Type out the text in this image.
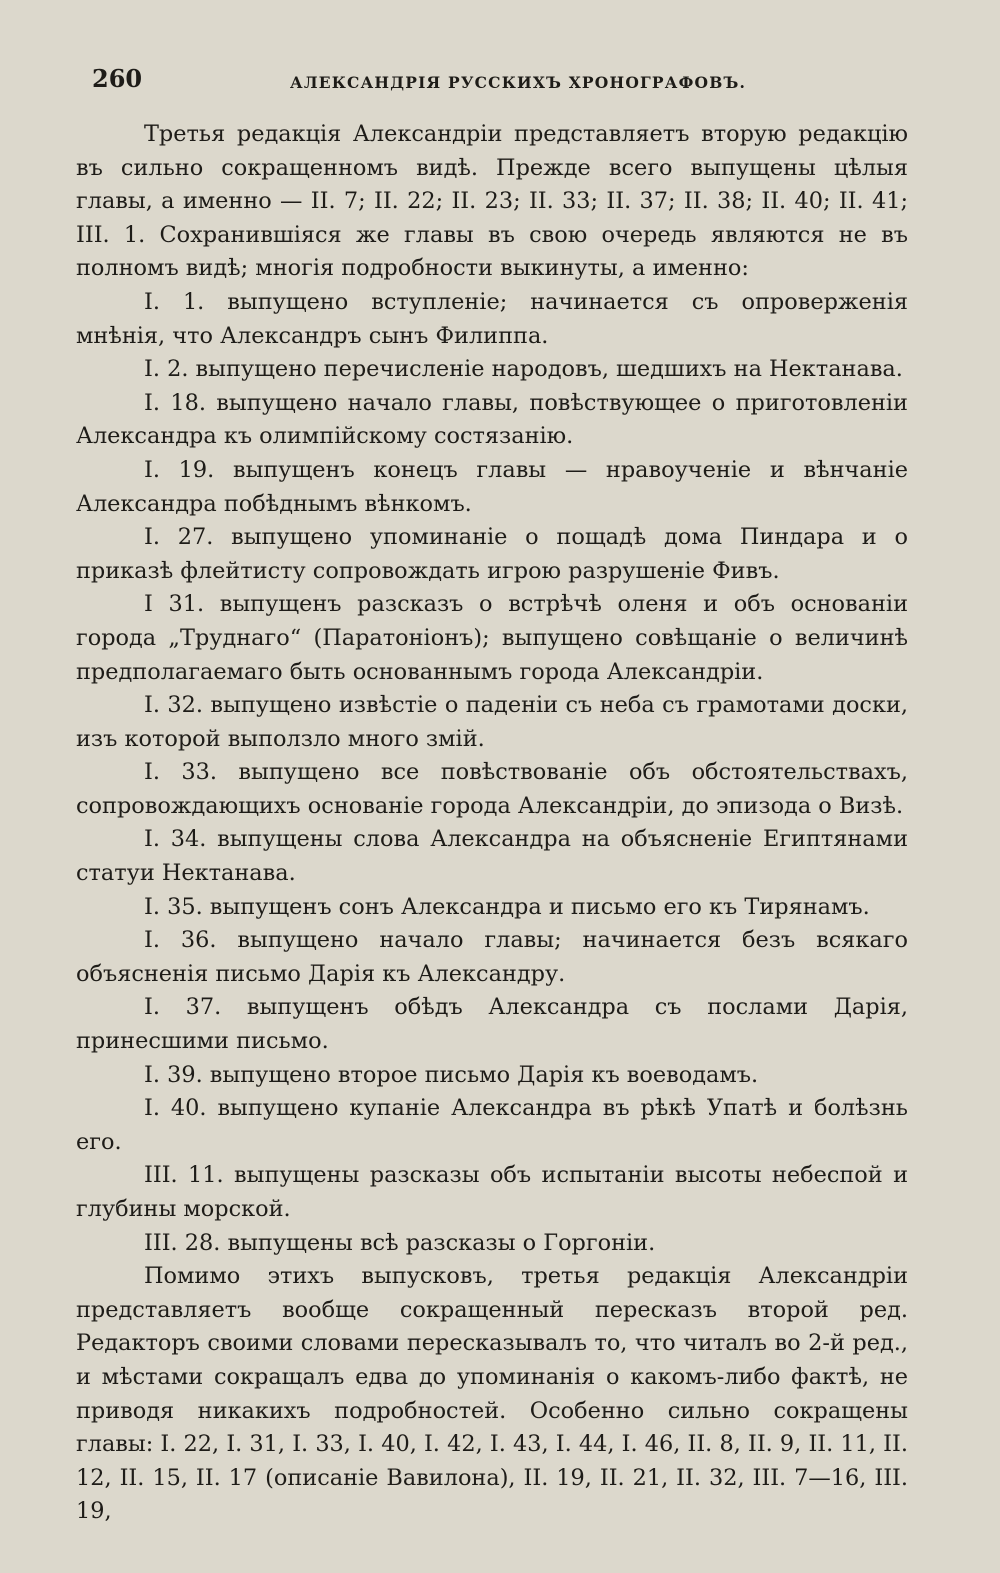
260	АЛЕКСАНДРІЯ РУССКИХЪ ХРОНОГРАФОВЪ.

Третья редакція Александріи представляетъ вторую редакцію въ сильно сокращенномъ видѣ. Прежде всего выпущены цѣлыя главы, а именно — II. 7; II. 22; II. 23; II. 33; II. 37; II. 38; II. 40; II. 41; III. 1. Сохранившіяся же главы въ свою очередь являются не въ полномъ видѣ; многія подробности выкинуты, а именно:

I. 1. выпущено вступленіе; начинается съ опроверженія мнѣнія, что Александръ сынъ Филиппа.

I. 2. выпущено перечисленіе народовъ, шедшихъ на Нектанава.

I. 18. выпущено начало главы, повѣствующее о приготовленіи Александра къ олимпійскому состязанію.

I. 19. выпущенъ конецъ главы — нравоученіе и вѣнчаніе Александра побѣднымъ вѣнкомъ.

I. 27. выпущено упоминаніе о пощадѣ дома Пиндара и о приказѣ флейтисту сопровождать игрою разрушеніе Фивъ.

I 31. выпущенъ разсказъ о встрѣчѣ оленя и объ основаніи города „Труднаго“ (Паратоніонъ); выпущено совѣщаніе о величинѣ предполагаемаго быть основаннымъ города Александріи.

I. 32. выпущено извѣстіе о паденіи съ неба съ грамотами доски, изъ которой выползло много змій.

I. 33. выпущено все повѣствованіе объ обстоятельствахъ, сопровождающихъ основаніе города Александріи, до эпизода о Визѣ.

I. 34. выпущены слова Александра на объясненіе Египтянами статуи Нектанава.

I. 35. выпущенъ сонъ Александра и письмо его къ Тирянамъ.

I. 36. выпущено начало главы; начинается безъ всякаго объясненія письмо Дарія къ Александру.

I. 37. выпущенъ обѣдъ Александра съ послами Дарія, принесшими письмо.

I. 39. выпущено второе письмо Дарія къ воеводамъ.

I. 40. выпущено купаніе Александра въ рѣкѣ Упатѣ и болѣзнь его.

III. 11. выпущены разсказы объ испытаніи высоты небеспой и глубины морской.

III. 28. выпущены всѣ разсказы о Горгоніи.

Помимо этихъ выпусковъ, третья редакція Александріи представляетъ вообще сокращенный пересказъ второй ред. Редакторъ своими словами пересказывалъ то, что читалъ во 2-й ред., и мѣстами сокращалъ едва до упоминанія о какомъ-либо фактѣ, не приводя никакихъ подробностей. Особенно сильно сокращены главы: I. 22, I. 31, I. 33, I. 40, I. 42, I. 43, I. 44, I. 46, II. 8, II. 9, II. 11, II. 12, II. 15, II. 17 (описаніе Вавилона), II. 19, II. 21, II. 32, III. 7—16, III. 19,
